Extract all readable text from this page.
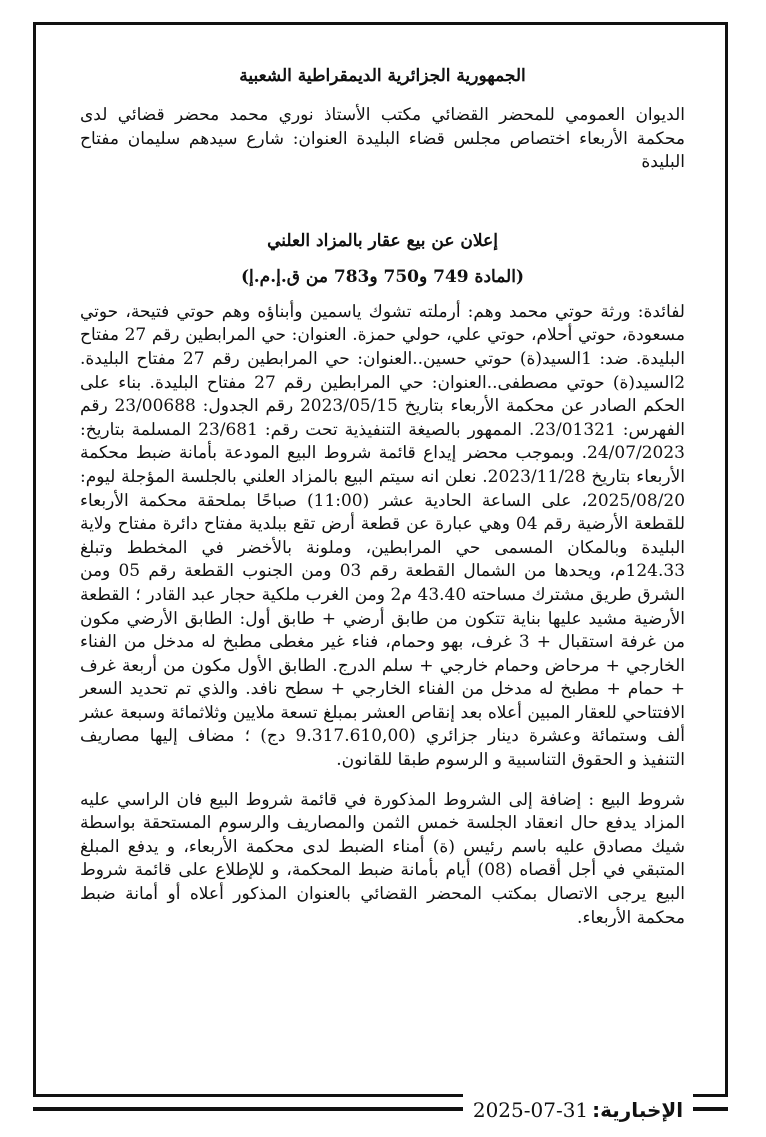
الجمهورية الجزائرية الديمقراطية الشعبية

الديوان العمومي للمحضر القضائي مكتب الأستاذ نوري محمد محضر قضائي لدى محكمة الأربعاء اختصاص مجلس قضاء البليدة العنوان: شارع سيدهم سليمان مفتاح البليدة

إعلان عن بيع عقار بالمزاد العلني
(المادة 749 و750 و783 من ق.إ.م.إ)

لفائدة: ورثة حوتي محمد وهم: أرملته تشوك ياسمين وأبناؤه وهم حوتي فتيحة، حوتي مسعودة، حوتي أحلام، حوتي علي، حولي حمزة. العنوان: حي المرابطين رقم 27 مفتاح البليدة. ضد: 1السيد(ة) حوتي حسين..العنوان: حي المرابطين رقم 27 مفتاح البليدة. 2السيد(ة) حوتي مصطفى..العنوان: حي المرابطين رقم 27 مفتاح البليدة. بناء على الحكم الصادر عن محكمة الأربعاء بتاريخ 2023/05/15 رقم الجدول: 23/00688 رقم الفهرس: 23/01321. الممهور بالصيغة التنفيذية تحت رقم: 23/681 المسلمة بتاريخ: 24/07/2023. وبموجب محضر إيداع قائمة شروط البيع المودعة بأمانة ضبط محكمة الأربعاء بتاريخ 2023/11/28. نعلن انه سيتم البيع بالمزاد العلني بالجلسة المؤجلة ليوم: 2025/08/20، على الساعة الحادية عشر (11:00) صباحًا بملحقة محكمة الأربعاء للقطعة الأرضية رقم 04 وهي عبارة عن قطعة أرض تقع ببلدية مفتاح دائرة مفتاح ولاية البليدة وبالمكان المسمى حي المرابطين، وملونة بالأخضر في المخطط وتبلغ 124.33م، ويحدها من الشمال القطعة رقم 03 ومن الجنوب القطعة رقم 05 ومن الشرق طريق مشترك مساحته 43.40 م2 ومن الغرب ملكية حجار عبد القادر ؛ القطعة الأرضية مشيد عليها بناية تتكون من طابق أرضي + طابق أول: الطابق الأرضي مكون من غرفة استقبال + 3 غرف، بهو وحمام، فناء غير مغطى مطبخ له مدخل من الفناء الخارجي + مرحاض وحمام خارجي + سلم الدرج. الطابق الأول مكون من أربعة غرف + حمام + مطبخ له مدخل من الفناء الخارجي + سطح نافد. والذي تم تحديد السعر الافتتاحي للعقار المبين أعلاه بعد إنقاص العشر بمبلغ تسعة ملايين وثلاثمائة وسبعة عشر ألف وستمائة وعشرة دينار جزائري (9.317.610,00 دج) ؛ مضاف إليها مصاريف التنفيذ و الحقوق التناسبية و الرسوم طبقا للقانون.

شروط البيع : إضافة إلى الشروط المذكورة في قائمة شروط البيع فان الراسي عليه المزاد يدفع حال انعقاد الجلسة خمس الثمن والمصاريف والرسوم المستحقة بواسطة شيك مصادق عليه باسم رئيس (ة) أمناء الضبط لدى محكمة الأربعاء، و يدفع المبلغ المتبقي في أجل أقصاه (08) أيام بأمانة ضبط المحكمة، و للإطلاع على قائمة شروط البيع يرجى الاتصال بمكتب المحضر القضائي بالعنوان المذكور أعلاه أو أمانة ضبط محكمة الأربعاء.

الإخبارية:
2025-07-31
